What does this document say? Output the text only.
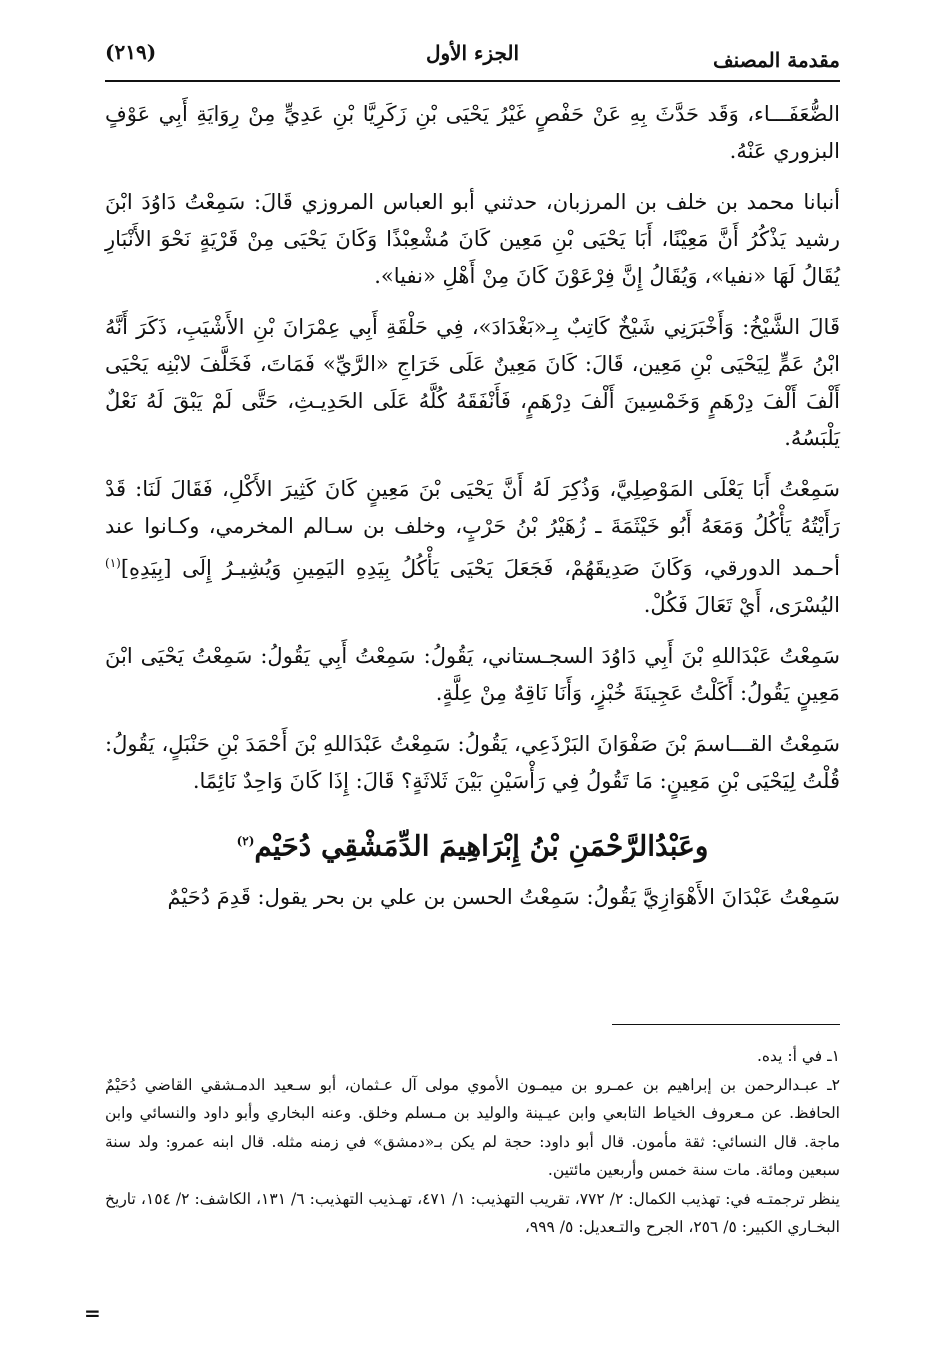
مقدمة المصنف
الجزء الأول
(٢١٩)

الضُّعَفَـــاء، وَقَد حَدَّثَ بِهِ عَنْ حَفْصٍ غَيْرُ يَحْيَى بْنِ زَكَرِيَّا بْنِ عَدِيٍّ مِنْ رِوَايَةِ أَبِي عَوْفٍ البزوري عَنْهُ.

أنبانا محمد بن خلف بن المرزبان، حدثني أبو العباس المروزي قَالَ: سَمِعْتُ دَاوُدَ ابْنَ رشيد يَذْكُرُ أَنَّ مَعِيْنًا، أَبَا يَحْيَى بْنِ مَعِين كَانَ مُشْعِبْذًا وَكَانَ يَحْيَى مِنْ قَرْيَةٍ نَحْوَ الأَنْبَارِ يُقَالُ لَهَا «نفيا»، وَيُقَالُ إِنَّ فِرْعَوْنَ كَانَ مِنْ أَهْلِ «نفيا».

قَالَ الشَّيْخُ: وَأَخْبَرَنِي شَيْخٌ كَاتِبٌ بِـ«بَغْدَادَ»، فِي حَلْقَةِ أَبِي عِمْرَانَ بْنِ الأَشْيَبِ، ذَكَرَ أَنَّهُ ابْنُ عَمٍّ لِيَحْيَى بْنِ مَعِين، قَالَ: كَانَ مَعِينٌ عَلَى خَرَاجِ «الرَّيِّ» فَمَاتَ، فَخَلَّفَ لابْنِه يَحْيَى أَلْفَ أَلْفَ دِرْهَمٍ وَخَمْسِينَ أَلْفَ دِرْهَمٍ، فَأَنْفَقَهُ كُلَّهُ عَلَى الحَدِيـثِ، حَتَّى لَمْ يَبْقَ لَهُ نَعْلٌ يَلْبَسُهُ.

سَمِعْتُ أَبَا يَعْلَى المَوْصِلِيَّ، وَذُكِرَ لَهُ أَنَّ يَحْيَى بْنَ مَعِينٍ كَانَ كَثِيرَ الأَكْلِ، فَقَالَ لَنَا: قَدْ رَأَيْتُهُ يَأْكُلُ وَمَعَهُ أَبُو خَيْثَمَةَ ـ زُهَيْرُ بْنُ حَرْبٍ، وخلف بن سـالم المخرمي، وكـانوا عند أحـمد الدورقي، وَكَانَ صَدِيقَهُمْ، فَجَعَلَ يَحْيَى يَأْكُلُ بِيَدِهِ اليَمِينِ وَيُشِيـرُ إِلَى [بِيَدِهِ]$^{(١)}$ اليُسْرَى، أَيْ تَعَالَ فَكُلْ.

سَمِعْتُ عَبْدَاللهِ بْنَ أَبِي دَاوُدَ السجـستاني، يَقُولُ: سَمِعْتُ أَبِي يَقُولُ: سَمِعْتُ يَحْيَى ابْنَ مَعِينٍ يَقُولُ: أَكَلْتُ عَجِينَةَ خُبْزٍ، وَأَنَا نَاقِهٌ مِنْ عِلَّةٍ.

سَمِعْتُ القـــاسمَ بْنَ صَفْوَانَ البَرْذَعِي، يَقُولُ: سَمِعْتُ عَبْدَاللهِ بْنَ أَحْمَدَ بْنِ حَنْبَلٍ، يَقُولُ: قُلْتُ لِيَحْيَى بْنِ مَعِينٍ: مَا تَقُولُ فِي رَأْسَيْنِ بَيْنَ ثَلاثَةٍ؟ قَالَ: إِذَا كَانَ وَاحِدٌ نَائِمًا.

وعَبْدُالرَّحْمَنِ بْنُ إِبْرَاهِيمَ الدِّمَشْقِي دُحَيْم$^{(٢)}$

سَمِعْتُ عَبْدَانَ الأَهْوَازِيَّ يَقُولُ: سَمِعْتُ الحسن بن علي بن بحر يقول: قَدِمَ دُحَيْمٌ

١ـ في أ: يده.

٢ـ عبـدالرحمن بن إبراهيم بن عمـرو بن ميمـون الأموي مولى آل عـثمان، أبو سـعيد الدمـشقي القاضي دُحَيْمٌ الحافظ. عن مـعروف الخياط التابعي وابن عيـينة والوليد بن مـسلم وخلق. وعنه البخاري وأبو داود والنسائي وابن ماجة. قال النسائي: ثقة مأمون. قال أبو داود: حجة لم يكن بـ«دمشق» في زمنه مثله. قال ابنه عمرو: ولد سنة سبعين ومائة. مات سنة خمس وأربعين مائتين.

ينظر ترجمتـه في: تهذيب الكمال: ٢/ ٧٧٢، تقريب التهذيب: ١/ ٤٧١، تهـذيب التهذيب: ٦/ ١٣١، الكاشف: ٢/ ١٥٤، تاريخ البخـاري الكبير: ٥/ ٢٥٦، الجرح والتـعديل: ٥/ ٩٩٩،

=
